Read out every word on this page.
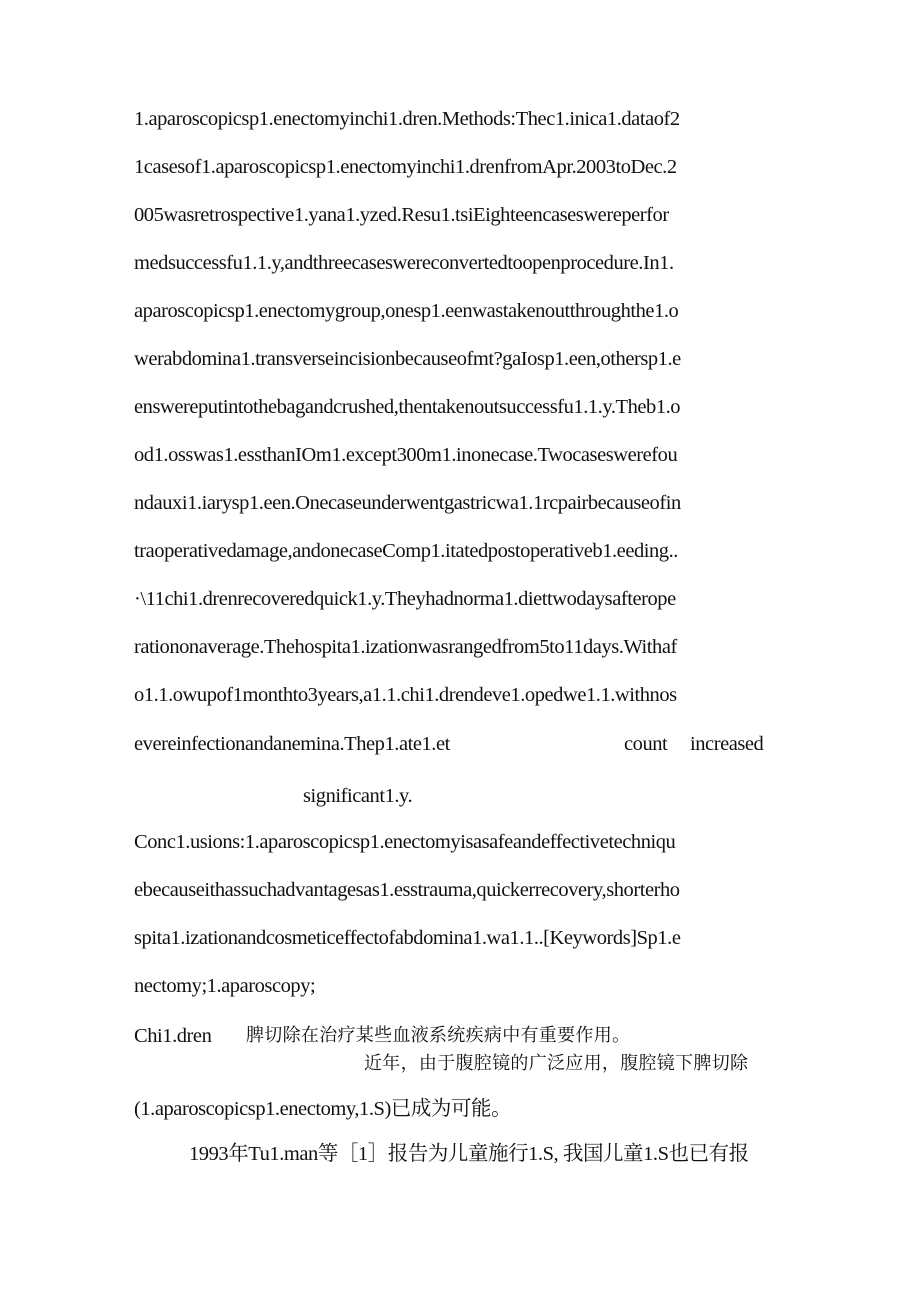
1.aparoscopicsp1.enectomyinchi1.dren.Methods:Thec1.inica1.dataof2
1casesof1.aparoscopicsp1.enectomyinchi1.drenfromApr.2003toDec.2
005wasretrospective1.yana1.yzed.Resu1.tsiEighteencaseswereperfor
medsuccessfu1.1.y,andthreecaseswereconvertedtoopenprocedure.In1.
aparoscopicsp1.enectomygroup,onesp1.eenwastakenoutthroughthe1.o
werabdomina1.transverseincisionbecauseofmt?gaIosp1.een,othersp1.e
enswereputintothebagandcrushed,thentakenoutsuccessfu1.1.y.Theb1.o
od1.osswas1.essthanIOm1.except300m1.inonecase.Twocaseswerefou
ndauxi1.iarysp1.een.Onecaseunderwentgastricwa1.1rcpairbecauseofin
traoperativedamage,andonecaseComp1.itatedpostoperativeb1.eeding..
·\11chi1.drenrecoveredquick1.y.Theyhadnorma1.diettwodaysafterope
rationonaverage.Thehospita1.izationwasrangedfrom5to11days.Withaf
o1.1.owupof1monthto3years,a1.1.chi1.drendeve1.opedwe1.1.withnos
evereinfectionandanemina.Thep1.ate1.et	count	increased
significant1.y.
Conc1.usions:1.aparoscopicsp1.enectomyisasafeandeffectivetechniqu
ebecauseithassuchadvantagesas1.esstrauma,quickerrecovery,shorterho
spita1.izationandcosmeticeffectofabdomina1.wa1.1..[Keywords]Sp1.e
nectomy;1.aparoscopy;
Chi1.dren	脾切除在治疗某些血液系统疾病中有重要作用。
近年，由于腹腔镜的广泛应用，腹腔镜下脾切除
(1.aparoscopicsp1.enectomy,1.S)已成为可能。
1993年Tu1.man等［1］报告为儿童施行1.S, 我国儿童1.S也已有报
